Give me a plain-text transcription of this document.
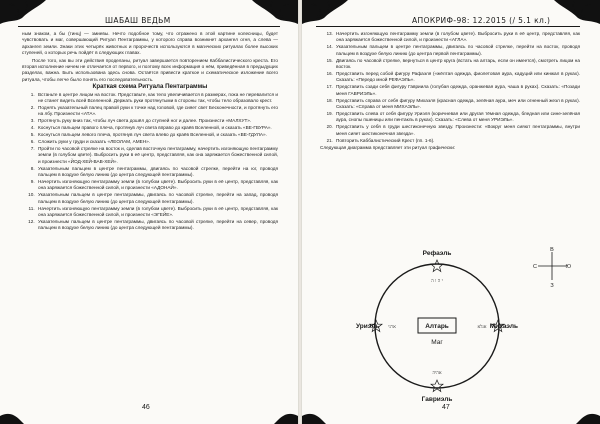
ШАБАШ ВЕДЬМ

ным знаком, а бы (тинц) — змиевы. Нечто подобное тому, что отражено в этой картине колесницы, будет чувствовать и маг, совершающий Ритуал Пентаграммы, у которого справа возникнет архангел огня, а слева — архангел земли. Знаки этих четырёх животных и пророчеств используются в магических ритуалах более высоких ступеней, о которых речь пойдёт в следующих главах.

После того, как вы эти действия проделаны, ритуал завершается повторением Каббалистического креста. Его вторая исполнение ничем не отличается от первого, и поэтому всех информация о нём, приведённая в предыдущих разделах, важна. Быть использована здесь снова. Остаётся привести краткое и схематическое изложение всего ритуала, чтобы легче было понять его последовательность.

Краткая схема Ритуала Пентаграммы

1. Встаньте в центре лицом на восток. Представьте, как тело увеличивается в размерах, пока не перевалится и не станет видеть всей Вселенной. Держать руки протянутыми в стороны так, чтобы тело образовало крест.
2. Поднять указательный палец правой руки к точке над головой, где сияет свет Бесконечности, и протянуть его на лбу. Произнести «АТА».
3. Протянуть руку вниз так, чтобы луч света дошёл до ступней ног и далее. Произнести «МАЛХУТ».
4. Коснуться пальцем правого плеча, протянув луч света вправо до краёв Вселенной, и сказать «ВЕ-ГВУРА».
5. Коснуться пальцем левого плеча, протянув луч света влево до краёв Вселенной, и сказать «ВЕ-ГДУЛА».
6. Сложить руки у груди и сказать «ЛЕОЛАМ, АМЕН».
7. Пройти по часовой стрелке на восток и, сделав восточную пентаграмму, начертить изгоняющую пентаграмму земли (в голубом цвете). Выбросить руки в её центр, представляя, как она заряжается божественной силой, и произнести «ЙОД-ХЕЙ-ВАВ-ХЕЙ».
8. Указательным пальцем в центре пентаграммы, двигаясь по часовой стрелке, перейти на юг, проводя пальцем в воздухе белую линию (до центра следующей пентаграммы).
9. Начертить изгоняющую пентаграмму земли (в голубом цвете). Выбросить руки в её центр, представляя, как она заряжается божественной силой, и произнести «АДОНАЙ».
10. Указательным пальцем в центре пентаграммы, двигаясь по часовой стрелке, перейти на запад, проводя пальцем в воздухе белую линию (до центра следующей пентаграммы).
11. Начертить изгоняющую пентаграмму земли (в голубом цвете). Выбросить руки в её центр, представляя, как она заряжается божественной силой, и произнести «ЭГЕЙЕ».
12. Указательным пальцем в центре пентаграммы, двигаясь по часовой стрелке, перейти на север, проводя пальцем в воздухе белую линию (до центра следующей пентаграммы).
46
АПОКРИФ-98: 12.2015 (/ 5.1 кл.)
13. Начертить изгоняющую пентаграмму земли (в голубом цвете). Выбросить руки в её центр, представляя, как она заряжается божественной силой, и произнести «АГЛА».
14. Указательным пальцем в центре пентаграммы, двигаясь по часовой стрелке, перейти на восток, проводя пальцем в воздухе белую линию (до центра первой пентаграммы).
15. Двигаясь по часовой стрелке, вернуться в центр круга (встать на алтарь, если он имеется), смотреть лицом на восток.
16. Представить перед собой фигуру Рафаэля («жёлтая одежда, фиолетовая аура, кадуций или кинжал в руках). Сказать: «Передо мной РЕФАЭЛЬ».
17. Представить сзади себя фигуру Гавриила (голубая одежда, оранжевая аура, чаша в руках). Сказать: «Позади меня ГАВРИЭЛЬ».
18. Представить справа от себя фигуру Михаэля (красная одежда, зелёная аура, меч или огненный жезл в руках). Сказать: «Справа от меня МИХАЭЛЬ».
19. Представить слева от себя фигуру Уриэля (коричневая или другая тёмная одежда, бледная или сине-зелёная аура, снопы пшеницы или пентакль в руках). Сказать: «Слева от меня УРИЭЛЬ».
20. Представить у себя в груди шестиконечную звезду. Произнести: «Вокруг меня сияют пентаграммы, внутри меня сияет шестиконечная звезда».
21. Повторить Каббалистический Крест (пп. 1-6).

Следующая диаграмма представляет эти ритуал графически:

י ה ו ה
אהיה
ארני	אגלא
Алтарь
Маг
Рефаэль
Гавриэль
Уриэль	Михаэль
В
З
С	Ю
47
